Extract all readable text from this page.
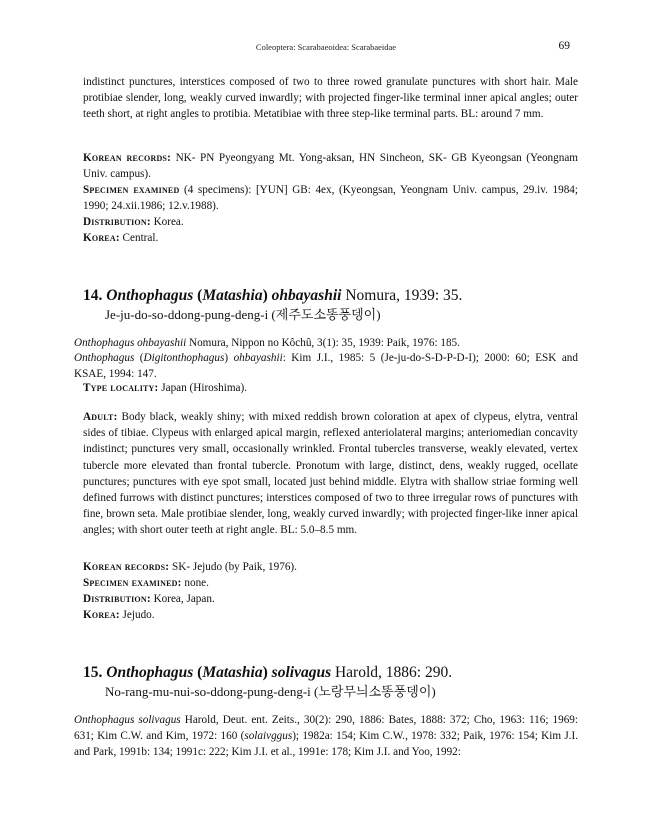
Coleoptera: Scarabaeoidea: Scarabaeidae	69
indistinct punctures, interstices composed of two to three rowed granulate punctures with short hair. Male protibiae slender, long, weakly curved inwardly; with projected finger-like terminal inner apical angles; outer teeth short, at right angles to protibia. Metatibiae with three step-like terminal parts. BL: around 7 mm.
Korean records: NK- PN Pyeongyang Mt. Yong-aksan, HN Sincheon, SK- GB Kyeongsan (Yeongnam Univ. campus).
Specimen examined (4 specimens): [YUN] GB: 4ex, (Kyeongsan, Yeongnam Univ. campus, 29.iv. 1984; 1990; 24.xii.1986; 12.v.1988).
Distribution: Korea.
Korea: Central.
14. Onthophagus (Matashia) ohbayashii Nomura, 1939: 35.
Je-ju-do-so-ddong-pung-deng-i (제주도소똥풍뎅이)
Onthophagus ohbayashii Nomura, Nippon no Kôchû, 3(1): 35, 1939: Paik, 1976: 185.
Onthophagus (Digitonthophagus) ohbayashii: Kim J.I., 1985: 5 (Je-ju-do-S-D-P-D-I); 2000: 60; ESK and KSAE, 1994: 147.
Type locality: Japan (Hiroshima).
Adult: Body black, weakly shiny; with mixed reddish brown coloration at apex of clypeus, elytra, ventral sides of tibiae. Clypeus with enlarged apical margin, reflexed anteriolateral margins; anteriomedian concavity indistinct; punctures very small, occasionally wrinkled. Frontal tubercles transverse, weakly elevated, vertex tubercle more elevated than frontal tubercle. Pronotum with large, distinct, dens, weakly rugged, ocellate punctures; punctures with eye spot small, located just behind middle. Elytra with shallow striae forming well defined furrows with distinct punctures; interstices composed of two to three irregular rows of punctures with fine, brown seta. Male protibiae slender, long, weakly curved inwardly; with projected finger-like inner apical angles; with short outer teeth at right angle. BL: 5.0–8.5 mm.
Korean records: SK- Jejudo (by Paik, 1976).
Specimen examined: none.
Distribution: Korea, Japan.
Korea: Jejudo.
15. Onthophagus (Matashia) solivagus Harold, 1886: 290.
No-rang-mu-nui-so-ddong-pung-deng-i (노랑무늬소똥풍뎅이)
Onthophagus solivagus Harold, Deut. ent. Zeits., 30(2): 290, 1886: Bates, 1888: 372; Cho, 1963: 116; 1969: 631; Kim C.W. and Kim, 1972: 160 (solaivggus); 1982a: 154; Kim C.W., 1978: 332; Paik, 1976: 154; Kim J.I. and Park, 1991b: 134; 1991c: 222; Kim J.I. et al., 1991e: 178; Kim J.I. and Yoo, 1992:
